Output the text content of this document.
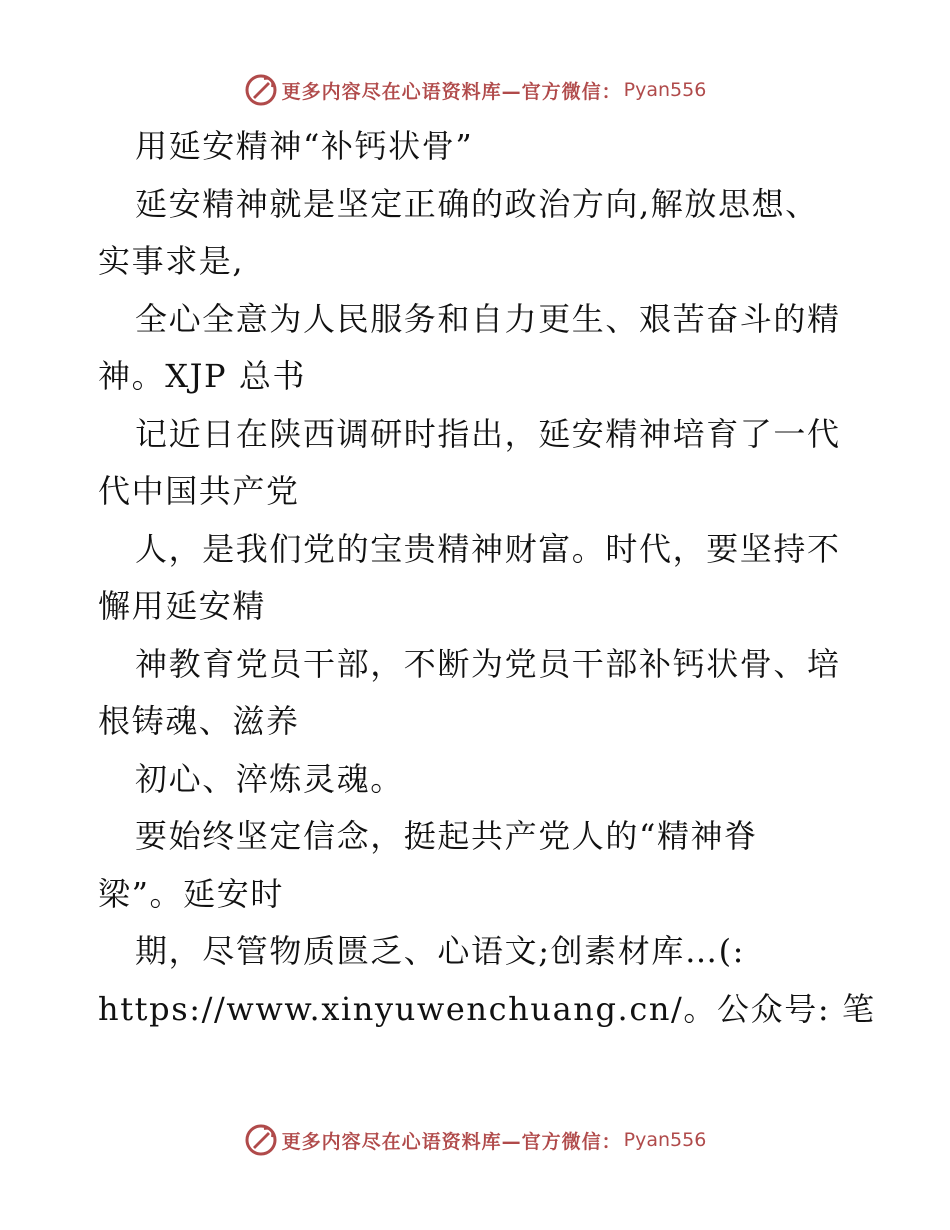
更多内容尽在心语资料库—官方微信： Pyan556
用延安精神“补钙状骨”
延安精神就是坚定正确的政治方向,解放思想、
实事求是,
全心全意为人民服务和自力更生、艰苦奋斗的精
神。XJP 总书
记近日在陕西调研时指出，延安精神培育了一代
代中国共产党
人，是我们党的宝贵精神财富。时代，要坚持不
懈用延安精
神教育党员干部，不断为党员干部补钙状骨、培
根铸魂、滋养
初心、淬炼灵魂。
要始终坚定信念，挺起共产党人的“精神脊
梁”。延安时
期，尽管物质匮乏、心语文;创素材库…(:
https://www.xinyuwenchuang.cn/。公众号: 笔
更多内容尽在心语资料库—官方微信： Pyan556
